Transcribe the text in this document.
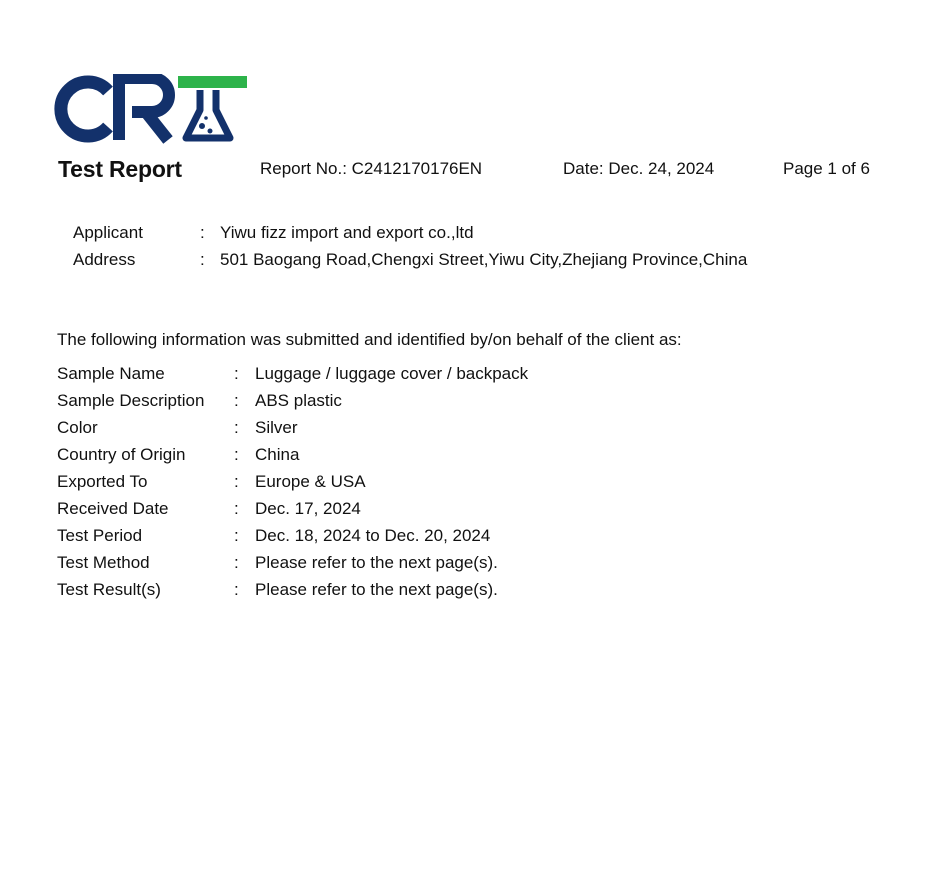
Test Report	Report No.: C2412170176EN	Date: Dec. 24, 2024	Page 1 of 6
Applicant	: Yiwu fizz import and export co.,ltd
Address	: 501 Baogang Road,Chengxi Street,Yiwu City,Zhejiang Province,China
The following information was submitted and identified by/on behalf of the client as:
Sample Name	: Luggage / luggage cover / backpack
Sample Description : ABS plastic
Color	: Silver
Country of Origin	: China
Exported To	: Europe & USA
Received Date	: Dec. 17, 2024
Test Period	: Dec. 18, 2024 to Dec. 20, 2024
Test Method	: Please refer to the next page(s).
Test Result(s)	: Please refer to the next page(s).
